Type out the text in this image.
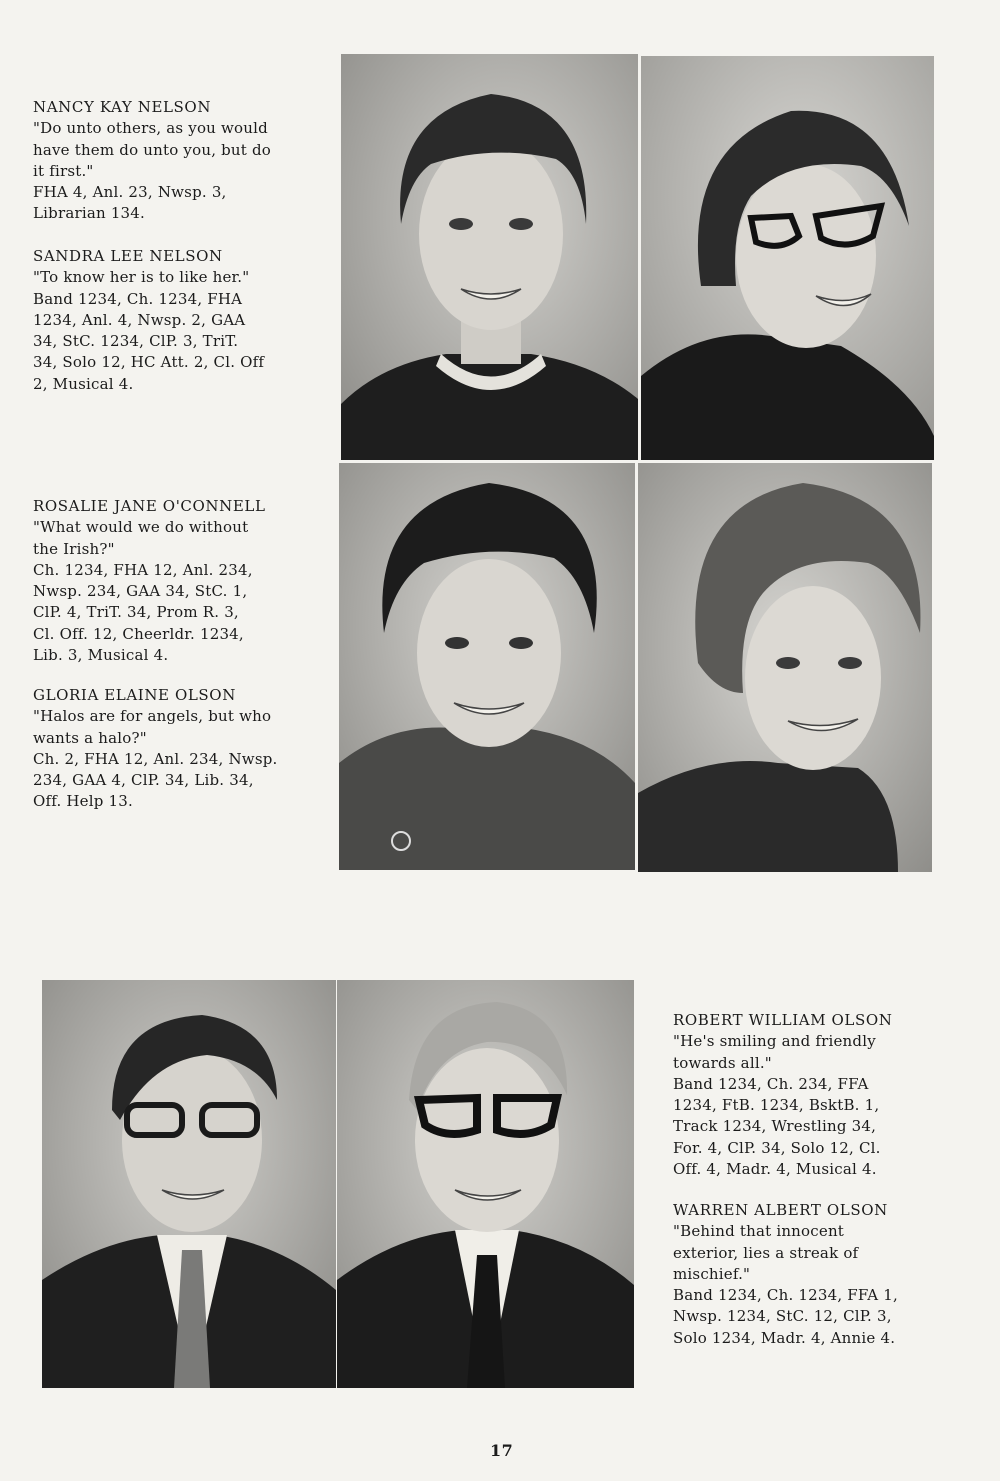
NANCY KAY NELSON
"Do unto others, as you would
have them do unto you, but do
it first."
FHA 4, Anl. 23, Nwsp. 3,
Librarian 134.
SANDRA LEE NELSON
"To know her is to like her."
Band 1234, Ch. 1234, FHA
1234, Anl. 4, Nwsp. 2, GAA
34, StC. 1234, ClP. 3, TriT.
34, Solo 12, HC Att. 2, Cl. Off
2, Musical 4.
ROSALIE JANE O'CONNELL
"What would we do without
the Irish?"
Ch. 1234, FHA 12, Anl. 234,
Nwsp. 234, GAA 34, StC. 1,
ClP. 4, TriT. 34, Prom R. 3,
Cl. Off. 12, Cheerldr. 1234,
Lib. 3, Musical 4.
GLORIA ELAINE OLSON
"Halos are for angels, but who
wants a halo?"
Ch. 2, FHA 12, Anl. 234, Nwsp.
234, GAA 4, ClP. 34, Lib. 34,
Off. Help 13.
ROBERT WILLIAM OLSON
"He's smiling and friendly
towards all."
Band 1234, Ch. 234, FFA
1234, FtB. 1234, BsktB. 1,
Track 1234, Wrestling 34,
For. 4, ClP. 34, Solo 12, Cl.
Off. 4, Madr. 4, Musical 4.
WARREN ALBERT OLSON
"Behind that innocent
exterior, lies a streak of
mischief."
Band 1234, Ch. 1234, FFA 1,
Nwsp. 1234, StC. 12, ClP. 3,
Solo 1234, Madr. 4, Annie 4.
17
